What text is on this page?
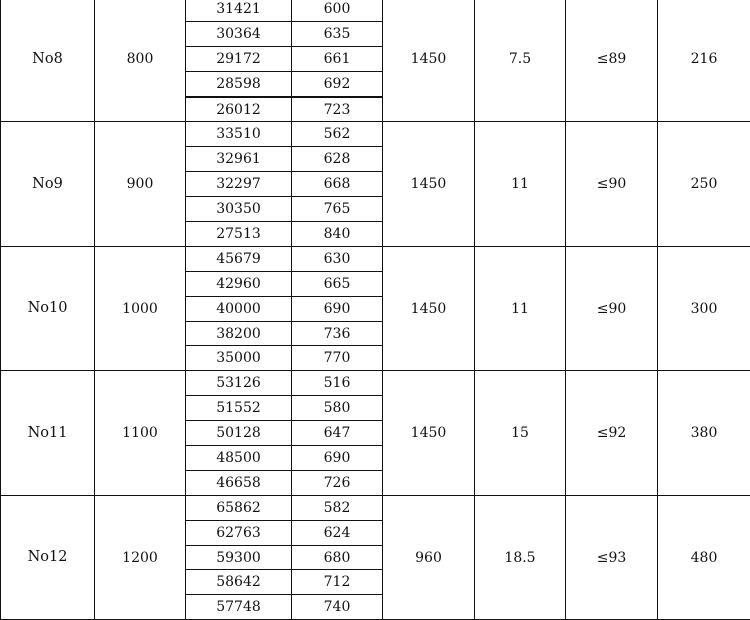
No8	800	31421	600	1450	7.5	≤89	216
		30364	635				
		29172	661				
		28598	692				
		26012	723				
No9	900	33510	562	1450	11	≤90	250
		32961	628				
		32297	668				
		30350	765				
		27513	840				
No10	1000	45679	630	1450	11	≤90	300
		42960	665				
		40000	690				
		38200	736				
		35000	770				
No11	1100	53126	516	1450	15	≤92	380
		51552	580				
		50128	647				
		48500	690				
		46658	726				
No12	1200	65862	582	960	18.5	≤93	480
		62763	624				
		59300	680				
		58642	712				
		57748	740				
